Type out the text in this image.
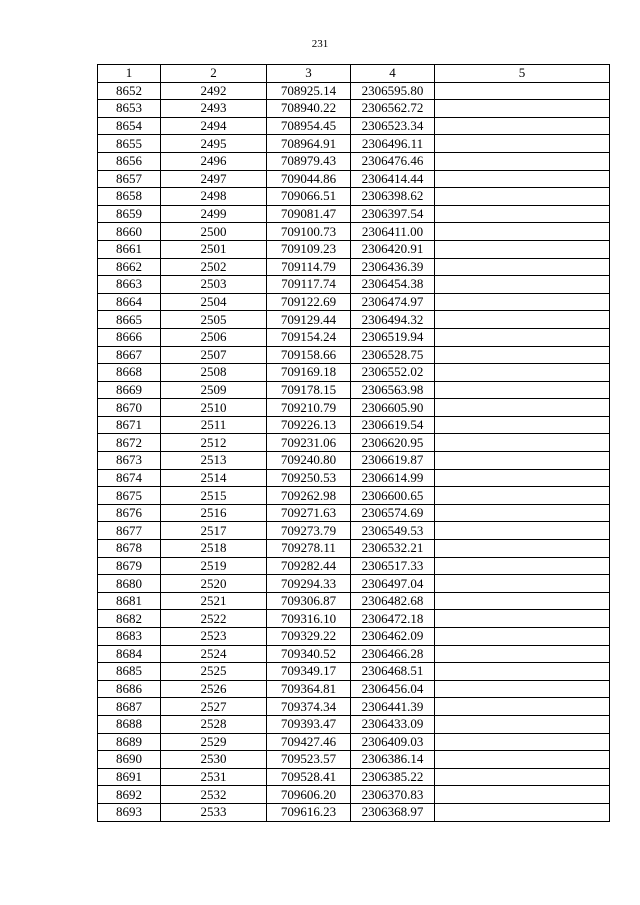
231
1	2	3	4	5
8652	2492	708925.14	2306595.80	
8653	2493	708940.22	2306562.72	
8654	2494	708954.45	2306523.34	
8655	2495	708964.91	2306496.11	
8656	2496	708979.43	2306476.46	
8657	2497	709044.86	2306414.44	
8658	2498	709066.51	2306398.62	
8659	2499	709081.47	2306397.54	
8660	2500	709100.73	2306411.00	
8661	2501	709109.23	2306420.91	
8662	2502	709114.79	2306436.39	
8663	2503	709117.74	2306454.38	
8664	2504	709122.69	2306474.97	
8665	2505	709129.44	2306494.32	
8666	2506	709154.24	2306519.94	
8667	2507	709158.66	2306528.75	
8668	2508	709169.18	2306552.02	
8669	2509	709178.15	2306563.98	
8670	2510	709210.79	2306605.90	
8671	2511	709226.13	2306619.54	
8672	2512	709231.06	2306620.95	
8673	2513	709240.80	2306619.87	
8674	2514	709250.53	2306614.99	
8675	2515	709262.98	2306600.65	
8676	2516	709271.63	2306574.69	
8677	2517	709273.79	2306549.53	
8678	2518	709278.11	2306532.21	
8679	2519	709282.44	2306517.33	
8680	2520	709294.33	2306497.04	
8681	2521	709306.87	2306482.68	
8682	2522	709316.10	2306472.18	
8683	2523	709329.22	2306462.09	
8684	2524	709340.52	2306466.28	
8685	2525	709349.17	2306468.51	
8686	2526	709364.81	2306456.04	
8687	2527	709374.34	2306441.39	
8688	2528	709393.47	2306433.09	
8689	2529	709427.46	2306409.03	
8690	2530	709523.57	2306386.14	
8691	2531	709528.41	2306385.22	
8692	2532	709606.20	2306370.83	
8693	2533	709616.23	2306368.97	
